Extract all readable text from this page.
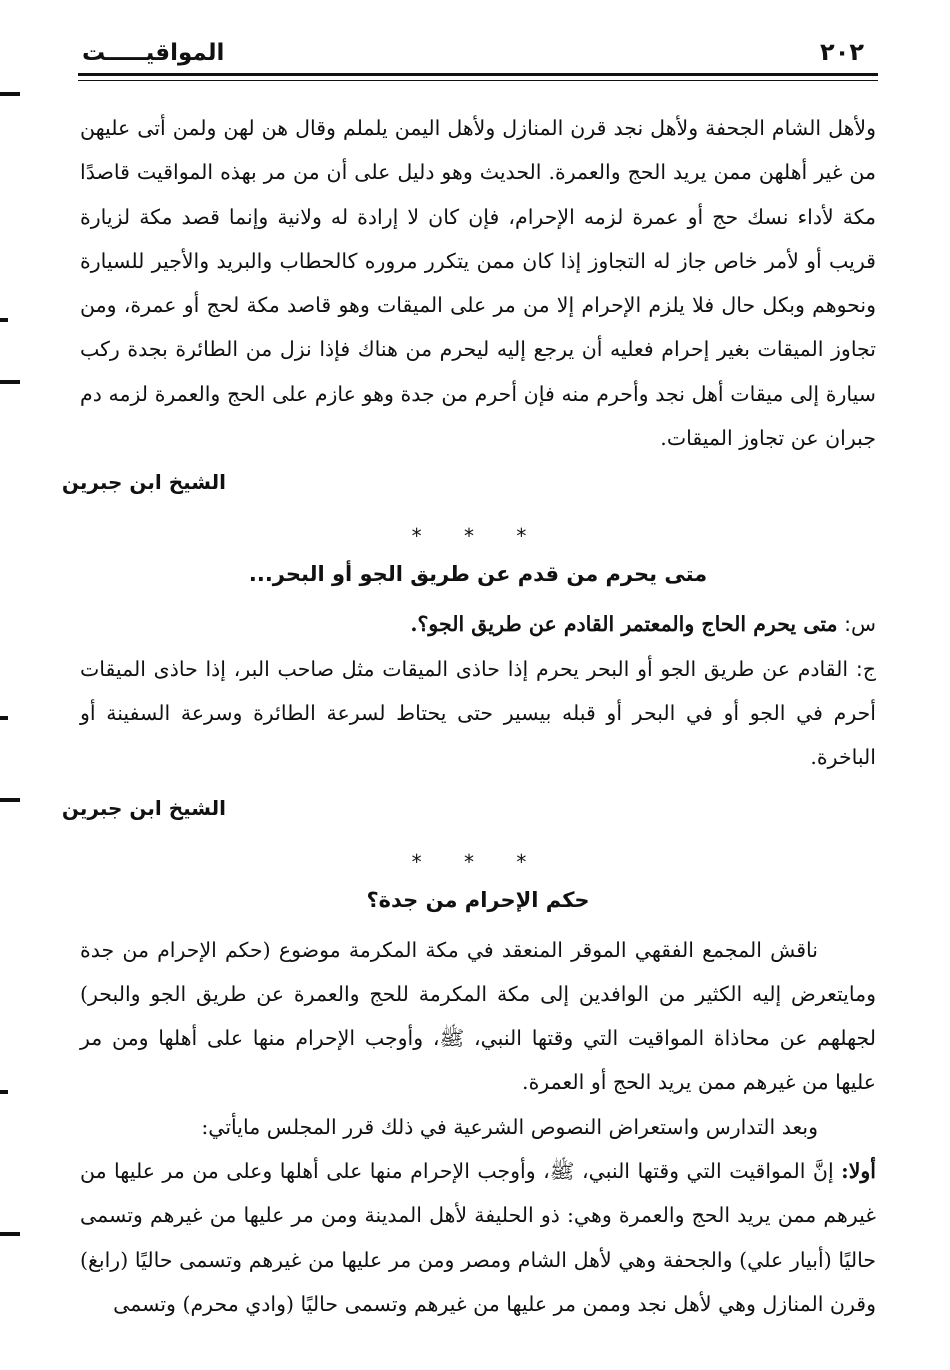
المواقيـــــت	٢٠٢

ولأهل الشام الجحفة ولأهل نجد قرن المنازل ولأهل اليمن يلملم وقال هن لهن ولمن أتى عليهن من غير أهلهن ممن يريد الحج والعمرة. الحديث وهو دليل على أن من مر بهذه المواقيت قاصدًا مكة لأداء نسك حج أو عمرة لزمه الإحرام، فإن كان لا إرادة له ولانية وإنما قصد مكة لزيارة قريب أو لأمر خاص جاز له التجاوز إذا كان ممن يتكرر مروره كالحطاب والبريد والأجير للسيارة ونحوهم وبكل حال فلا يلزم الإحرام إلا من مر على الميقات وهو قاصد مكة لحج أو عمرة، ومن تجاوز الميقات بغير إحرام فعليه أن يرجع إليه ليحرم من هناك فإذا نزل من الطائرة بجدة ركب سيارة إلى ميقات أهل نجد وأحرم منه فإن أحرم من جدة وهو عازم على الحج والعمرة لزمه دم جبران عن تجاوز الميقات.

الشيخ ابن جبرين

* * *
متى يحرم من قدم عن طريق الجو أو البحر...

س: متى يحرم الحاج والمعتمر القادم عن طريق الجو؟.

ج: القادم عن طريق الجو أو البحر يحرم إذا حاذى الميقات مثل صاحب البر، إذا حاذى الميقات أحرم في الجو أو في البحر أو قبله بيسير حتى يحتاط لسرعة الطائرة وسرعة السفينة أو الباخرة.

الشيخ ابن جبرين

* * *
حكم الإحرام من جدة؟

ناقش المجمع الفقهي الموقر المنعقد في مكة المكرمة موضوع (حكم الإحرام من جدة ومايتعرض إليه الكثير من الوافدين إلى مكة المكرمة للحج والعمرة عن طريق الجو والبحر) لجهلهم عن محاذاة المواقيت التي وقتها النبي، ﷺ، وأوجب الإحرام منها على أهلها ومن مر عليها من غيرهم ممن يريد الحج أو العمرة.

وبعد التدارس واستعراض النصوص الشرعية في ذلك قرر المجلس مايأتي:

أولا: إنَّ المواقيت التي وقتها النبي، ﷺ، وأوجب الإحرام منها على أهلها وعلى من مر عليها من غيرهم ممن يريد الحج والعمرة وهي: ذو الحليفة لأهل المدينة ومن مر عليها من غيرهم وتسمى حاليًا (أبيار علي) والجحفة وهي لأهل الشام ومصر ومن مر عليها من غيرهم وتسمى حاليًا (رابغ) وقرن المنازل وهي لأهل نجد وممن مر عليها من غيرهم وتسمى حاليًا (وادي محرم) وتسمى
